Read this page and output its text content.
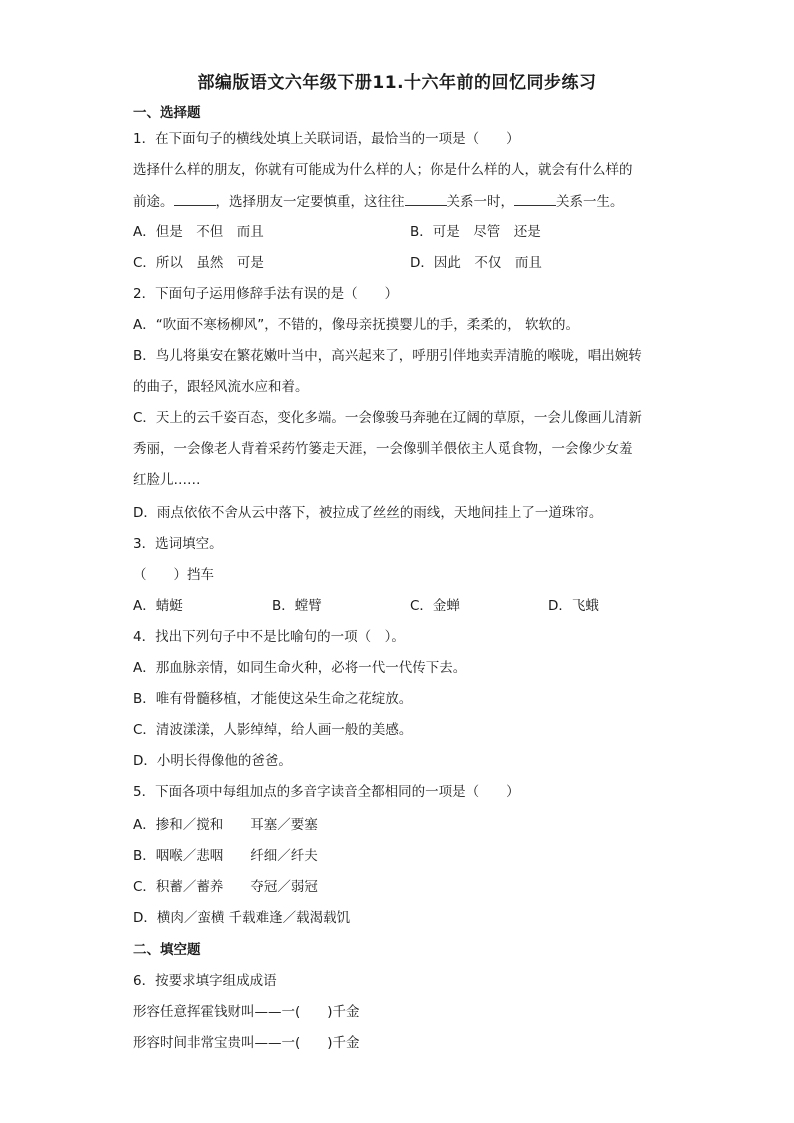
部编版语文六年级下册11.十六年前的回忆同步练习
一、选择题
1．在下面句子的横线处填上关联词语，最恰当的一项是（　　）
选择什么样的朋友，你就有可能成为什么样的人；你是什么样的人，就会有什么样的
前途。	，选择朋友一定要慎重，这往往	关系一时，	关系一生。
A．但是　不但　而且	B．可是　尽管　还是
C．所以　虽然　可是	D．因此　不仅　而且
2．下面句子运用修辞手法有误的是（　　）
A．“吹面不寒杨柳风”，不错的，像母亲抚摸婴儿的手，柔柔的， 软软的。
B．鸟儿将巢安在繁花嫩叶当中，高兴起来了，呼朋引伴地卖弄清脆的喉咙，唱出婉转
的曲子，跟轻风流水应和着。
C．天上的云千姿百态，变化多端。一会像骏马奔驰在辽阔的草原，一会儿像画儿清新
秀丽，一会像老人背着采药竹篓走天涯，一会像驯羊偎依主人觅食物，一会像少女羞
红脸儿……
D．雨点依依不舍从云中落下，被拉成了丝丝的雨线，天地间挂上了一道珠帘。
3．选词填空。
（　　）挡车
A．蜻蜓	B．螳臂	C．金蝉	D．飞蛾
4．找出下列句子中不是比喻句的一项（　）。
A．那血脉亲情，如同生命火种，必将一代一代传下去。
B．唯有骨髓移植，才能使这朵生命之花绽放。
C．清波漾漾，人影绰绰，给人画一般的美感。
D．小明长得像他的爸爸。
5．下面各项中每组加点的多音字读音全都相同的一项是（　　）
A．掺和／搅和　　耳塞／要塞
B．咽喉／悲咽　　纤细／纤夫
C．积蓄／蓄养　　夺冠／弱冠
D．横肉／蛮横 千载难逢／载渴载饥
二、填空题
6．按要求填字组成成语
形容任意挥霍钱财叫——一(　　)千金
形容时间非常宝贵叫——一(　　)千金
